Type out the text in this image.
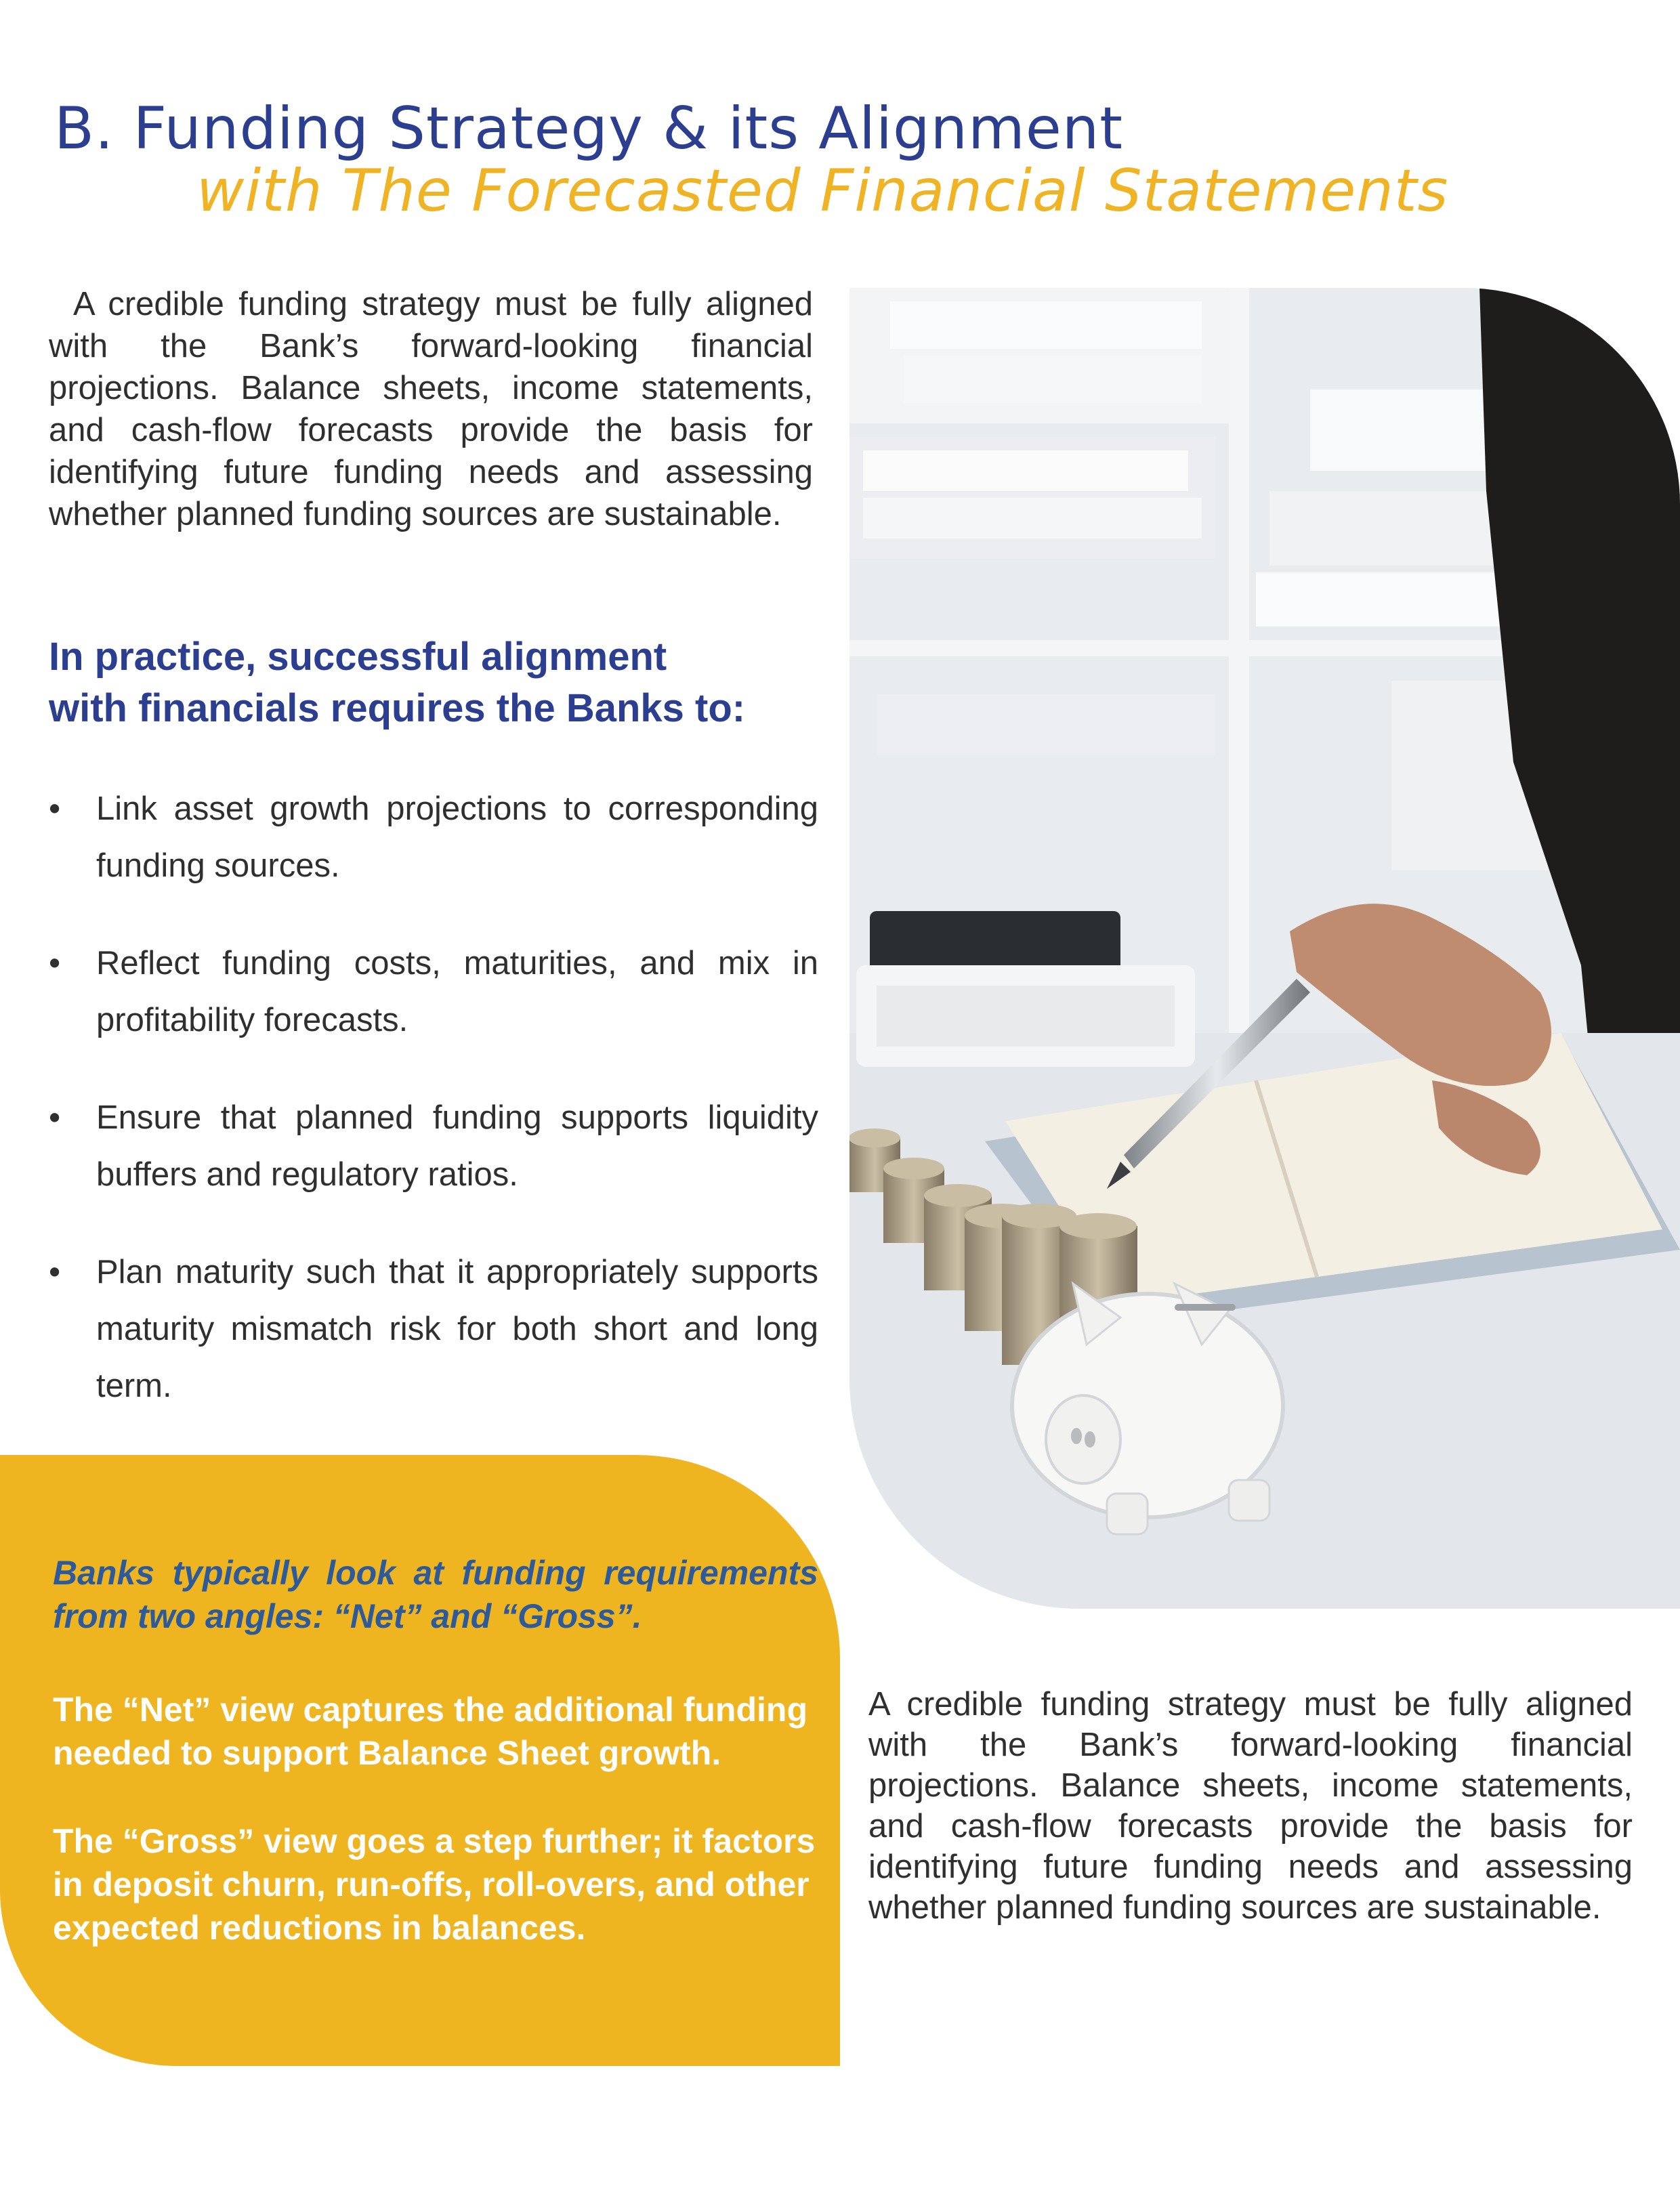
B. Funding Strategy & its Alignment
with The Forecasted Financial Statements

A credible funding strategy must be fully aligned with the Bank’s forward-looking financial projections. Balance sheets, income statements, and cash-flow forecasts provide the basis for identifying future funding needs and assessing whether planned funding sources are sustainable.

In practice, successful alignment
with financials requires the Banks to:
• Link asset growth projections to corresponding funding sources.
• Reflect funding costs, maturities, and mix in profitability forecasts.
• Ensure that planned funding supports liquidity buffers and regulatory ratios.
• Plan maturity such that it appropriately supports maturity mismatch risk for both short and long term.

Banks typically look at funding requirements from two angles: “Net” and “Gross”.

The “Net” view captures the additional funding needed to support Balance Sheet growth.

The “Gross” view goes a step further; it factors in deposit churn, run-offs, roll-overs, and other expected reductions in balances.

A credible funding strategy must be fully aligned with the Bank’s forward-looking financial projections. Balance sheets, income statements, and cash-flow forecasts provide the basis for identifying future funding needs and assessing whether planned funding sources are sustainable.
